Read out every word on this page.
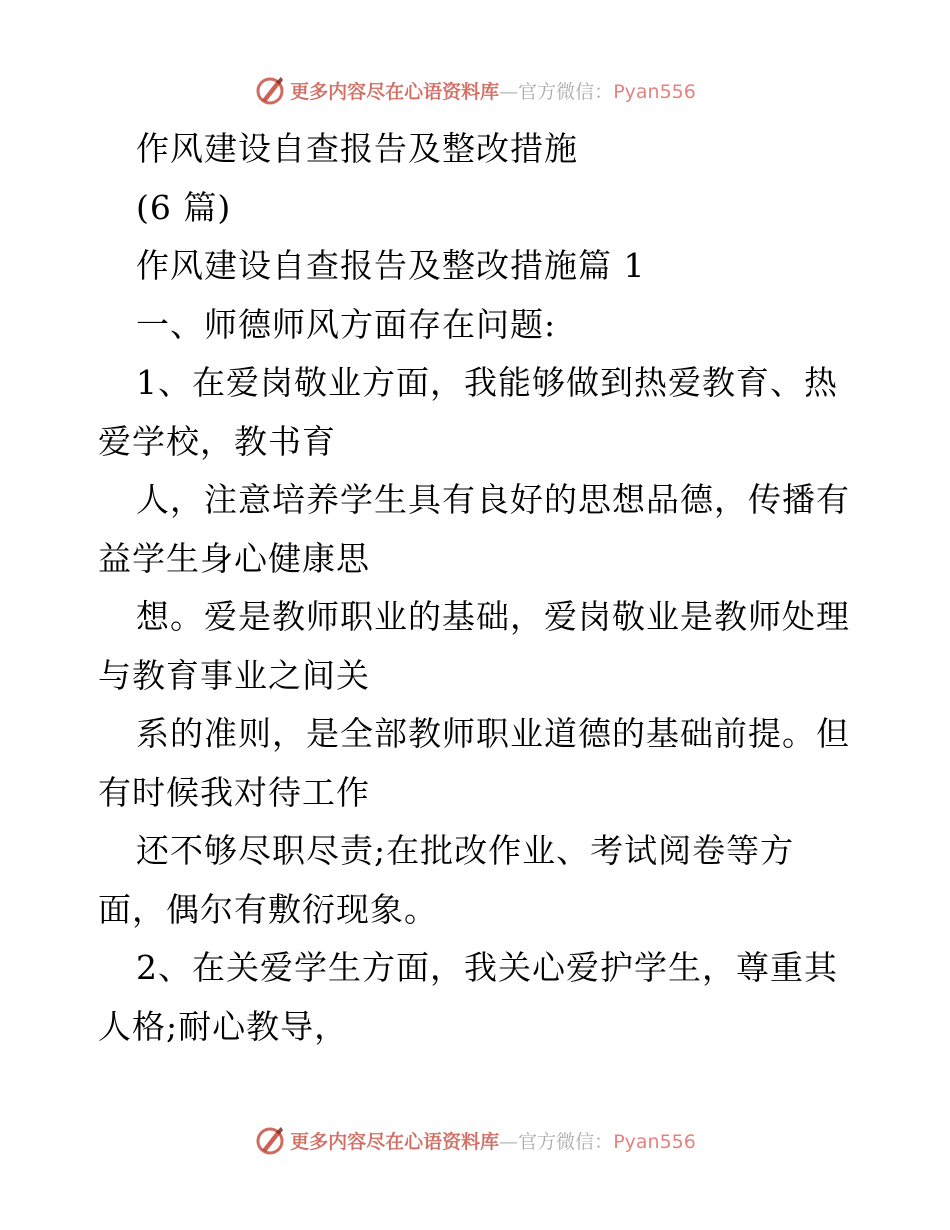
更多内容尽在心语资料库—官方微信：Pyan556
作风建设自查报告及整改措施
(6 篇)
作风建设自查报告及整改措施篇 1
一、师德师风方面存在问题:
1、在爱岗敬业方面，我能够做到热爱教育、热
爱学校，教书育
人，注意培养学生具有良好的思想品德，传播有
益学生身心健康思
想。爱是教师职业的基础，爱岗敬业是教师处理
与教育事业之间关
系的准则，是全部教师职业道德的基础前提。但
有时候我对待工作
还不够尽职尽责;在批改作业、考试阅卷等方
面，偶尔有敷衍现象。
2、在关爱学生方面，我关心爱护学生，尊重其
人格;耐心教导，
更多内容尽在心语资料库—官方微信：Pyan556
